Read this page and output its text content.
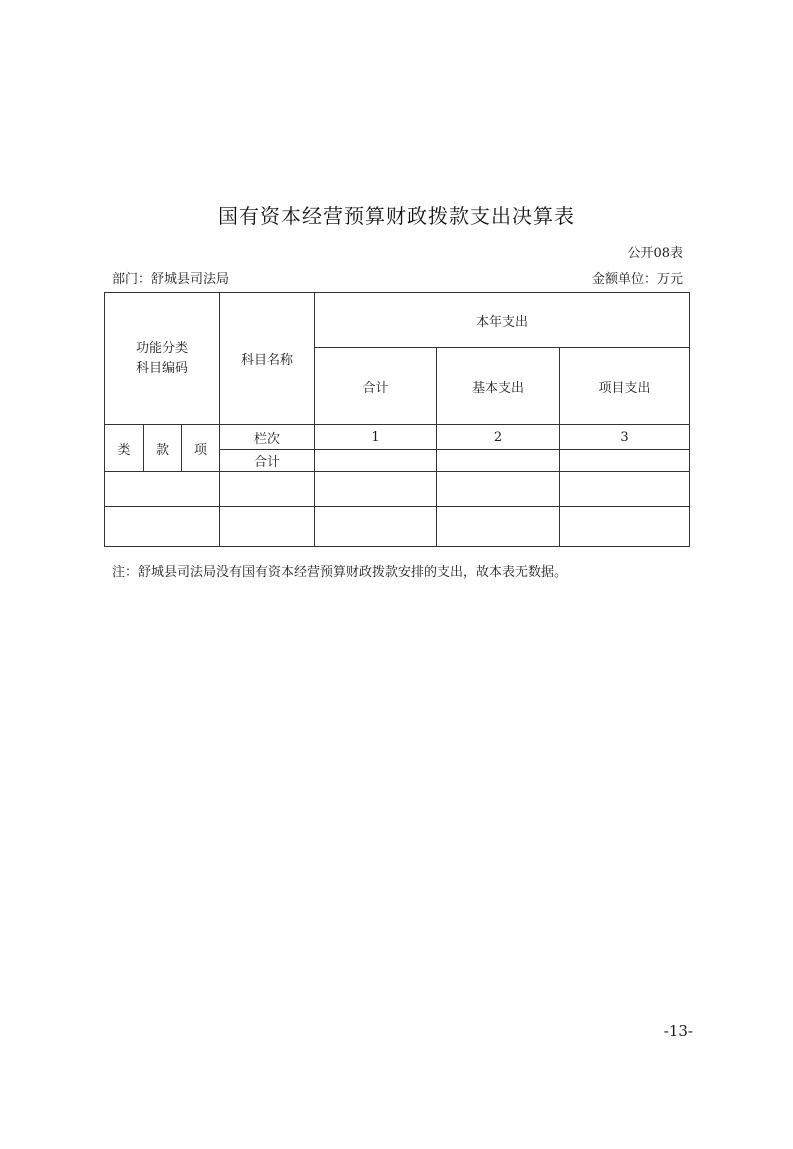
国有资本经营预算财政拨款支出决算表
公开08表
部门：舒城县司法局	金额单位：万元
功能分类
科目编码			科目名称	本年支出		
				合计	基本支出	项目支出
类	款	项	栏次	1	2	3
			合计			

注：舒城县司法局没有国有资本经营预算财政拨款安排的支出，故本表无数据。
-13-
